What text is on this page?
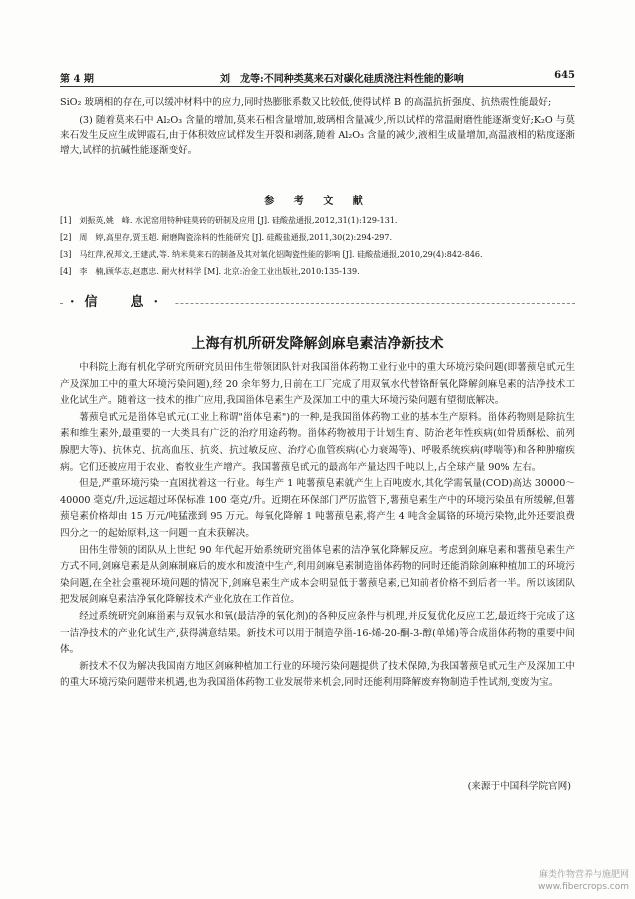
第 4 期	刘　龙等:不同种类莫来石对碳化硅质浇注料性能的影响	645

SiO₂ 玻璃相的存在,可以缓冲材料中的应力,同时热膨胀系数又比较低,使得试样 B 的高温抗折强度、抗热震性能最好;

(3) 随着莫来石中 Al₂O₃ 含量的增加,莫来石相含量增加,玻璃相含量减少,所以试样的常温耐磨性能逐渐变好;K₂O 与莫来石发生反应生成钾霞石,由于体积效应试样发生开裂和剥落,随着 Al₂O₃ 含量的减少,液相生成量增加,高温液相的粘度逐渐增大,试样的抗碱性能逐渐变好。

参 考 文 献
[1]　刘振英,姚　峰. 水泥窑用特种硅莫砖的研制及应用 [J]. 硅酸盐通报,2012,31(1):129-131.
[2]　周　婷,高里存,贾玉超. 耐磨陶瓷涂料的性能研究 [J]. 硅酸盐通报,2011,30(2):294-297.
[3]　马红萍,祝邦文,王建武,等. 纳米莫来石的制备及其对氧化铝陶瓷性能的影响 [J]. 硅酸盐通报,2010,29(4):842-846.
[4]　李　楠,顾华志,赵惠忠. 耐火材料学 [M]. 北京:冶金工业出版社,2010:135-139.
·信　息·
上海有机所研发降解剑麻皂素洁净新技术

中科院上海有机化学研究所研究员田伟生带领团队针对我国甾体药物工业行业中的重大环境污染问题(即薯蓣皂甙元生产及深加工中的重大环境污染问题),经 20 余年努力,日前在工厂完成了用双氧水代替铬酐氧化降解剑麻皂素的洁净技术工业化试生产。随着这一技术的推广应用,我国甾体皂素生产及深加工中的重大环境污染问题有望彻底解决。

薯蓣皂甙元是甾体皂甙元(工业上称谓"甾体皂素")的一种,是我国甾体药物工业的基本生产原料。甾体药物则是除抗生素和维生素外,最重要的一大类具有广泛的治疗用途药物。甾体药物被用于计划生育、防治老年性疾病(如骨质酥松、前列腺肥大等)、抗休克、抗高血压、抗炎、抗过敏反应、治疗心血管疾病(心力衰竭等)、呼吸系统疾病(哮喘等)和各种肿瘤疾病。它们还被应用于农业、畜牧业生产增产。我国薯蓣皂甙元的最高年产量达四千吨以上,占全球产量 90% 左右。

但是,严重环境污染一直困扰着这一行业。每生产 1 吨薯蓣皂素就产生上百吨废水,其化学需氧量(COD)高达 30000～40000 毫克/升,远远超过环保标准 100 毫克/升。近期在环保部门严厉监管下,薯蓣皂素生产中的环境污染虽有所缓解,但薯蓣皂素价格却由 15 万元/吨猛涨到 95 万元。每氧化降解 1 吨薯蓣皂素,将产生 4 吨含金属铬的环境污染物,此外还要浪费四分之一的起始原料,这一问题一直未获解决。

田伟生带领的团队从上世纪 90 年代起开始系统研究甾体皂素的洁净氧化降解反应。考虑到剑麻皂素和薯蓣皂素生产方式不同,剑麻皂素是从剑麻制麻后的废水和废渣中生产,利用剑麻皂素制造甾体药物的同时还能消除剑麻种植加工的环境污染问题,在全社会重视环境问题的情况下,剑麻皂素生产成本会明显低于薯蓣皂素,已知前者价格不到后者一半。所以该团队把发展剑麻皂素洁净氧化降解技术产业化放在工作首位。

经过系统研究剑麻甾素与双氧水和氧(最洁净的氧化剂)的各种反应条件与机理,并反复优化反应工艺,最近终于完成了这一洁净技术的产业化试生产,获得满意结果。新技术可以用于制造孕甾-16-烯-20-酮-3-醇(单烯)等合成甾体药物的重要中间体。

新技术不仅为解决我国南方地区剑麻种植加工行业的环境污染问题提供了技术保障,为我国薯蓣皂甙元生产及深加工中的重大环境污染问题带来机遇,也为我国甾体药物工业发展带来机会,同时还能利用降解废弃物制造手性试剂,变废为宝。

(来源于中国科学院官网)
麻类作物营养与施肥网
www.fibercrops.com
